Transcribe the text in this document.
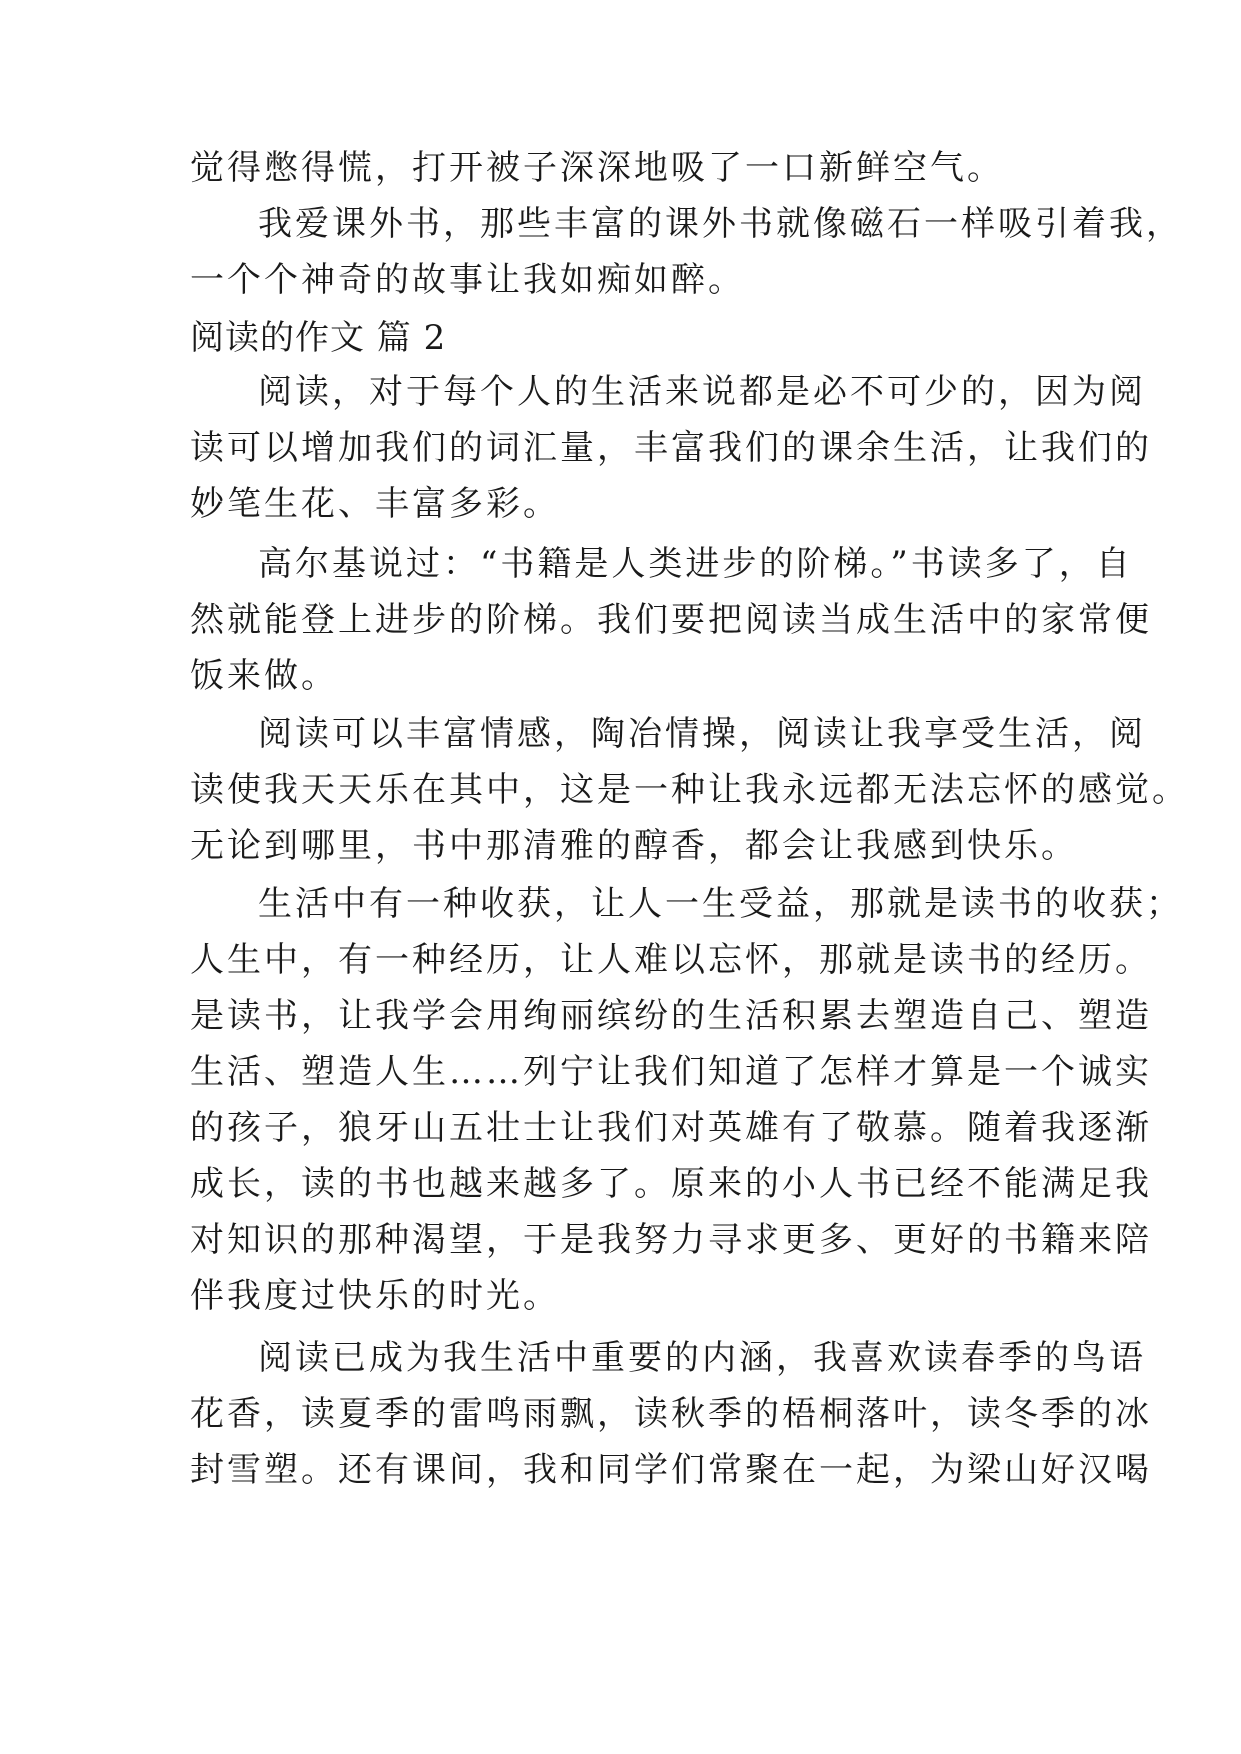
觉得憋得慌，打开被子深深地吸了一口新鲜空气。
我爱课外书，那些丰富的课外书就像磁石一样吸引着我，
一个个神奇的故事让我如痴如醉。
阅读的作文 篇 2
阅读，对于每个人的生活来说都是必不可少的，因为阅
读可以增加我们的词汇量，丰富我们的课余生活，让我们的
妙笔生花、丰富多彩。
高尔基说过：“书籍是人类进步的阶梯。”书读多了，自
然就能登上进步的阶梯。我们要把阅读当成生活中的家常便
饭来做。
阅读可以丰富情感，陶冶情操，阅读让我享受生活，阅
读使我天天乐在其中，这是一种让我永远都无法忘怀的感觉。
无论到哪里，书中那清雅的醇香，都会让我感到快乐。
生活中有一种收获，让人一生受益，那就是读书的收获；
人生中，有一种经历，让人难以忘怀，那就是读书的经历。
是读书，让我学会用绚丽缤纷的生活积累去塑造自己、塑造
生活、塑造人生……列宁让我们知道了怎样才算是一个诚实
的孩子，狼牙山五壮士让我们对英雄有了敬慕。随着我逐渐
成长，读的书也越来越多了。原来的小人书已经不能满足我
对知识的那种渴望，于是我努力寻求更多、更好的书籍来陪
伴我度过快乐的时光。
阅读已成为我生活中重要的内涵，我喜欢读春季的鸟语
花香，读夏季的雷鸣雨飘，读秋季的梧桐落叶，读冬季的冰
封雪塑。还有课间，我和同学们常聚在一起，为梁山好汉喝
